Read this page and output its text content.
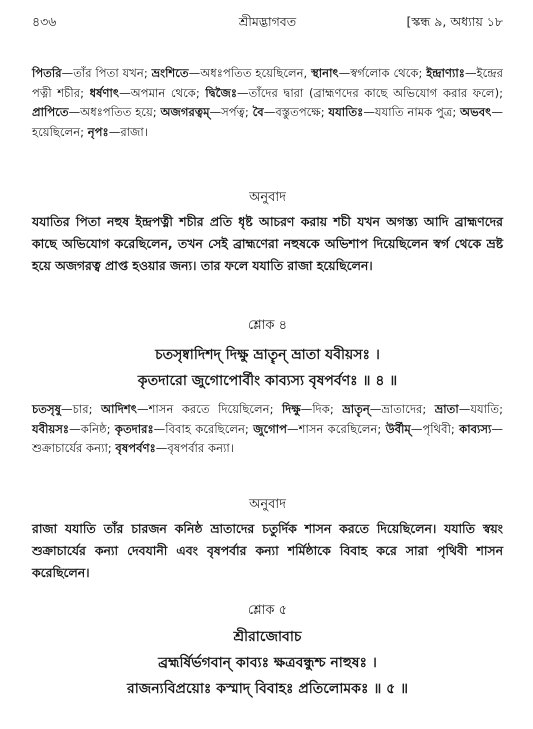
৪৩৬	শ্রীমদ্ভাগবত	[স্কন্ধ ৯, অধ্যায় ১৮
পিতরি—তাঁর পিতা যখন; ভ্রংশিতে—অধঃপতিত হয়েছিলেন, স্থানাৎ—স্বর্গলোক থেকে; ইন্দ্রাণ্যাঃ—ইন্দ্রের পত্নী শচীর; ধর্ষণাৎ—অপমান থেকে; দ্বিজৈঃ—তাঁদের দ্বারা (ব্রাহ্মণদের কাছে অভিযোগ করার ফলে); প্রাপিতে—অধঃপতিত হয়ে; অজগরত্বম্—সর্পত্ব; বৈ—বস্তুতপক্ষে; যযাতিঃ—যযাতি নামক পুত্র; অভবৎ—হয়েছিলেন; নৃপঃ—রাজা।
অনুবাদ
যযাতির পিতা নহুষ ইন্দ্রপত্নী শচীর প্রতি ধৃষ্ট আচরণ করায় শচী যখন অগস্ত্য আদি ব্রাহ্মণদের কাছে অভিযোগ করেছিলেন, তখন সেই ব্রাহ্মণেরা নহুষকে অভিশাপ দিয়েছিলেন স্বর্গ থেকে ভ্রষ্ট হয়ে অজগরত্ব প্রাপ্ত হওয়ার জন্য। তার ফলে যযাতি রাজা হয়েছিলেন।
শ্লোক ৪
চতসৃষ্বাদিশদ্ দিক্ষু ভ্রাতৄন্ ভ্রাতা যবীয়সঃ ।
কৃতদারো জুগোপোর্বীং কাব্যস্য বৃষপর্বণঃ ॥ ৪ ॥
চতসৃষু—চার; আদিশৎ—শাসন করতে দিয়েছিলেন; দিক্ষু—দিক; ভ্রাতৄন্—ভ্রাতাদের; ভ্রাতা—যযাতি; যবীয়সঃ—কনিষ্ঠ; কৃতদারঃ—বিবাহ করেছিলেন; জুগোপ—শাসন করেছিলেন; উর্বীম্—পৃথিবী; কাব্যস্য—শুক্রাচার্যের কন্যা; বৃষপর্বণঃ—বৃষপর্বার কন্যা।
অনুবাদ
রাজা যযাতি তাঁর চারজন কনিষ্ঠ ভ্রাতাদের চতুর্দিক শাসন করতে দিয়েছিলেন। যযাতি স্বয়ং শুক্রাচার্যের কন্যা দেবযানী এবং বৃষপর্বার কন্যা শর্মিষ্ঠাকে বিবাহ করে সারা পৃথিবী শাসন করেছিলেন।
শ্লোক ৫
শ্রীরাজোবাচ
ব্রহ্মর্ষির্ভগবান্ কাব্যঃ ক্ষত্রবন্ধুশ্চ নাহুষঃ ।
রাজন্যবিপ্রয়োঃ কস্মাদ্ বিবাহঃ প্রতিলোমকঃ ॥ ৫ ॥
